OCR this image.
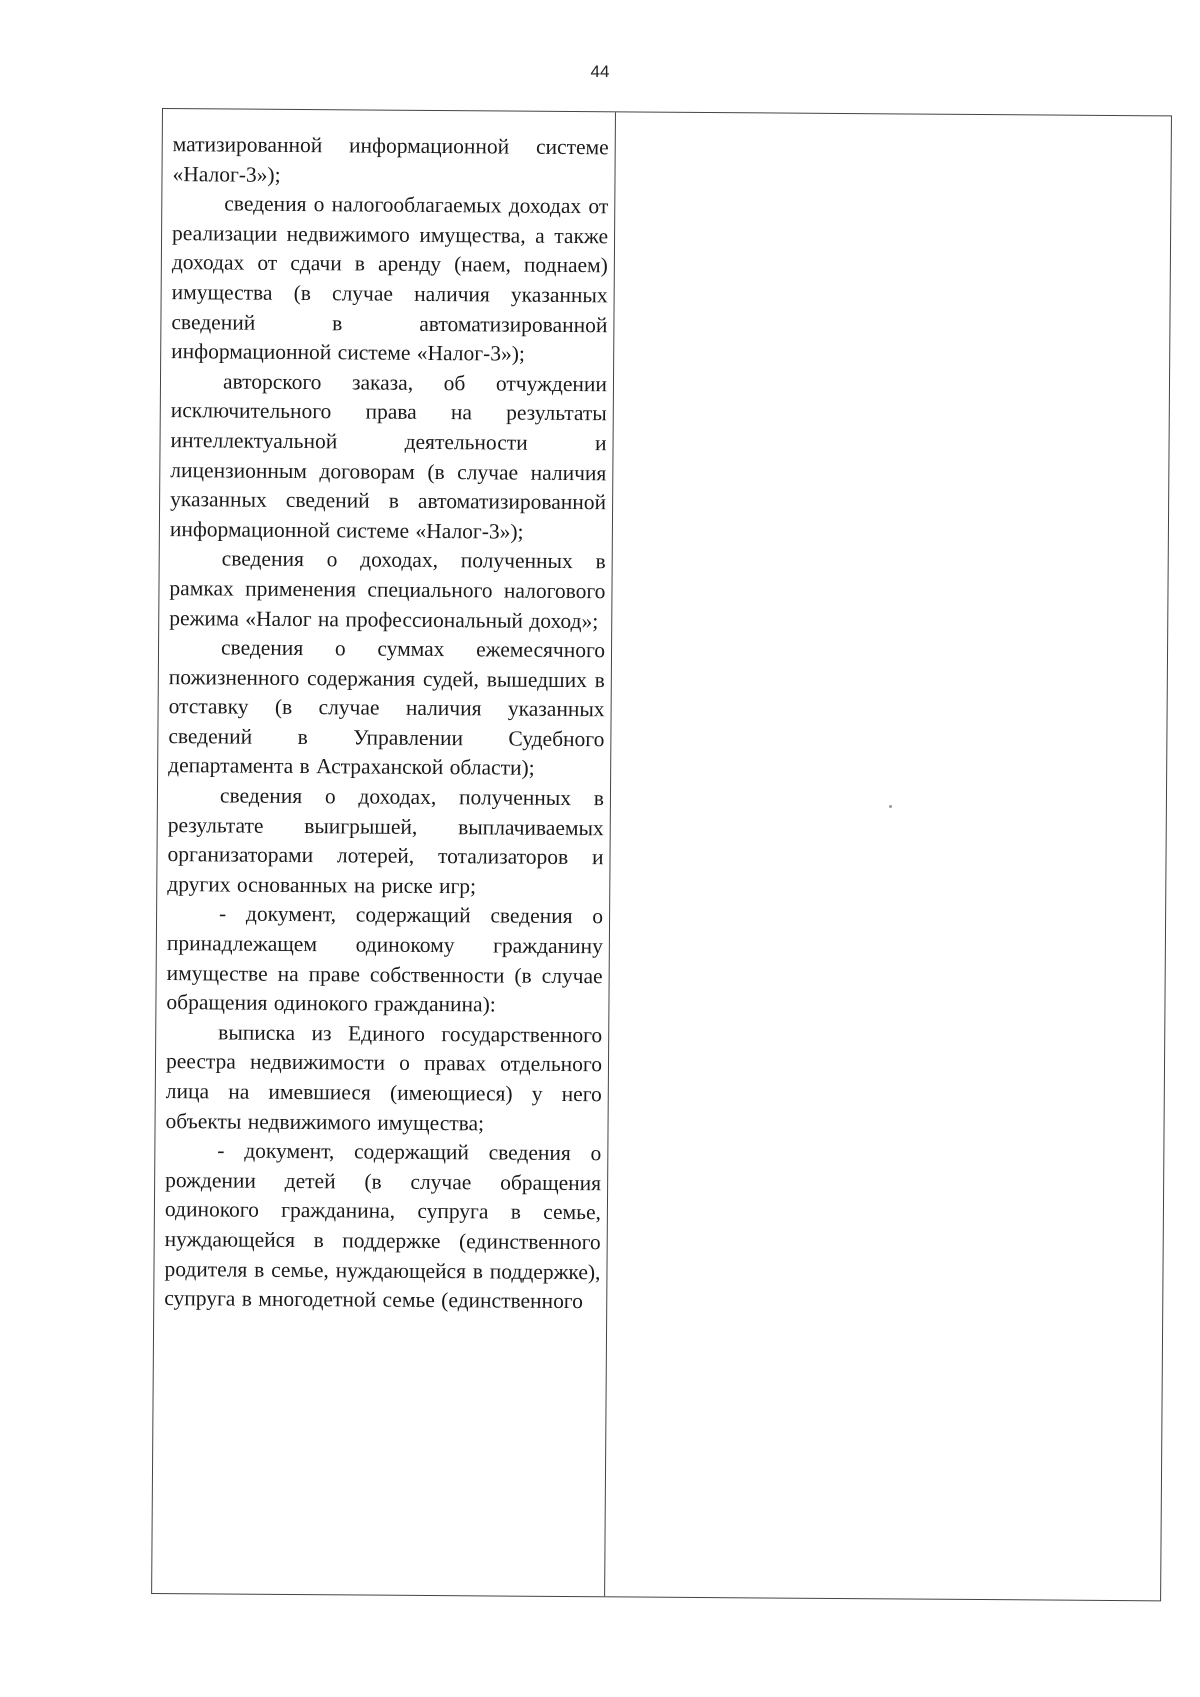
44

матизированной информационной системе «Налог-3»);

сведения о налогооблагаемых доходах от реализации недвижимого имущества, а также доходах от сдачи в аренду (наем, поднаем) имущества (в случае наличия указанных сведений в автоматизированной информационной системе «Налог-3»);

авторского заказа, об отчуждении исключительного права на результаты интеллектуальной деятельности и лицензионным договорам (в случае наличия указанных сведений в автоматизированной информационной системе «Налог-3»);

сведения о доходах, полученных в рамках применения специального налогового режима «Налог на профессиональный доход»;

сведения о суммах ежемесячного пожизненного содержания судей, вышедших в отставку (в случае наличия указанных сведений в Управлении Судебного департамента в Астраханской области);

сведения о доходах, полученных в результате выигрышей, выплачиваемых организаторами лотерей, тотализаторов и других основанных на риске игр;

- документ, содержащий сведения о принадлежащем одинокому гражданину имуществе на праве собственности (в случае обращения одинокого гражданина):

выписка из Единого государственного реестра недвижимости о правах отдельного лица на имевшиеся (имеющиеся) у него объекты недвижимого имущества;

- документ, содержащий сведения о рождении детей (в случае обращения одинокого гражданина, супруга в семье, нуждающейся в поддержке (единственного родителя в семье, нуждающейся в поддержке), супруга в многодетной семье (единственного
